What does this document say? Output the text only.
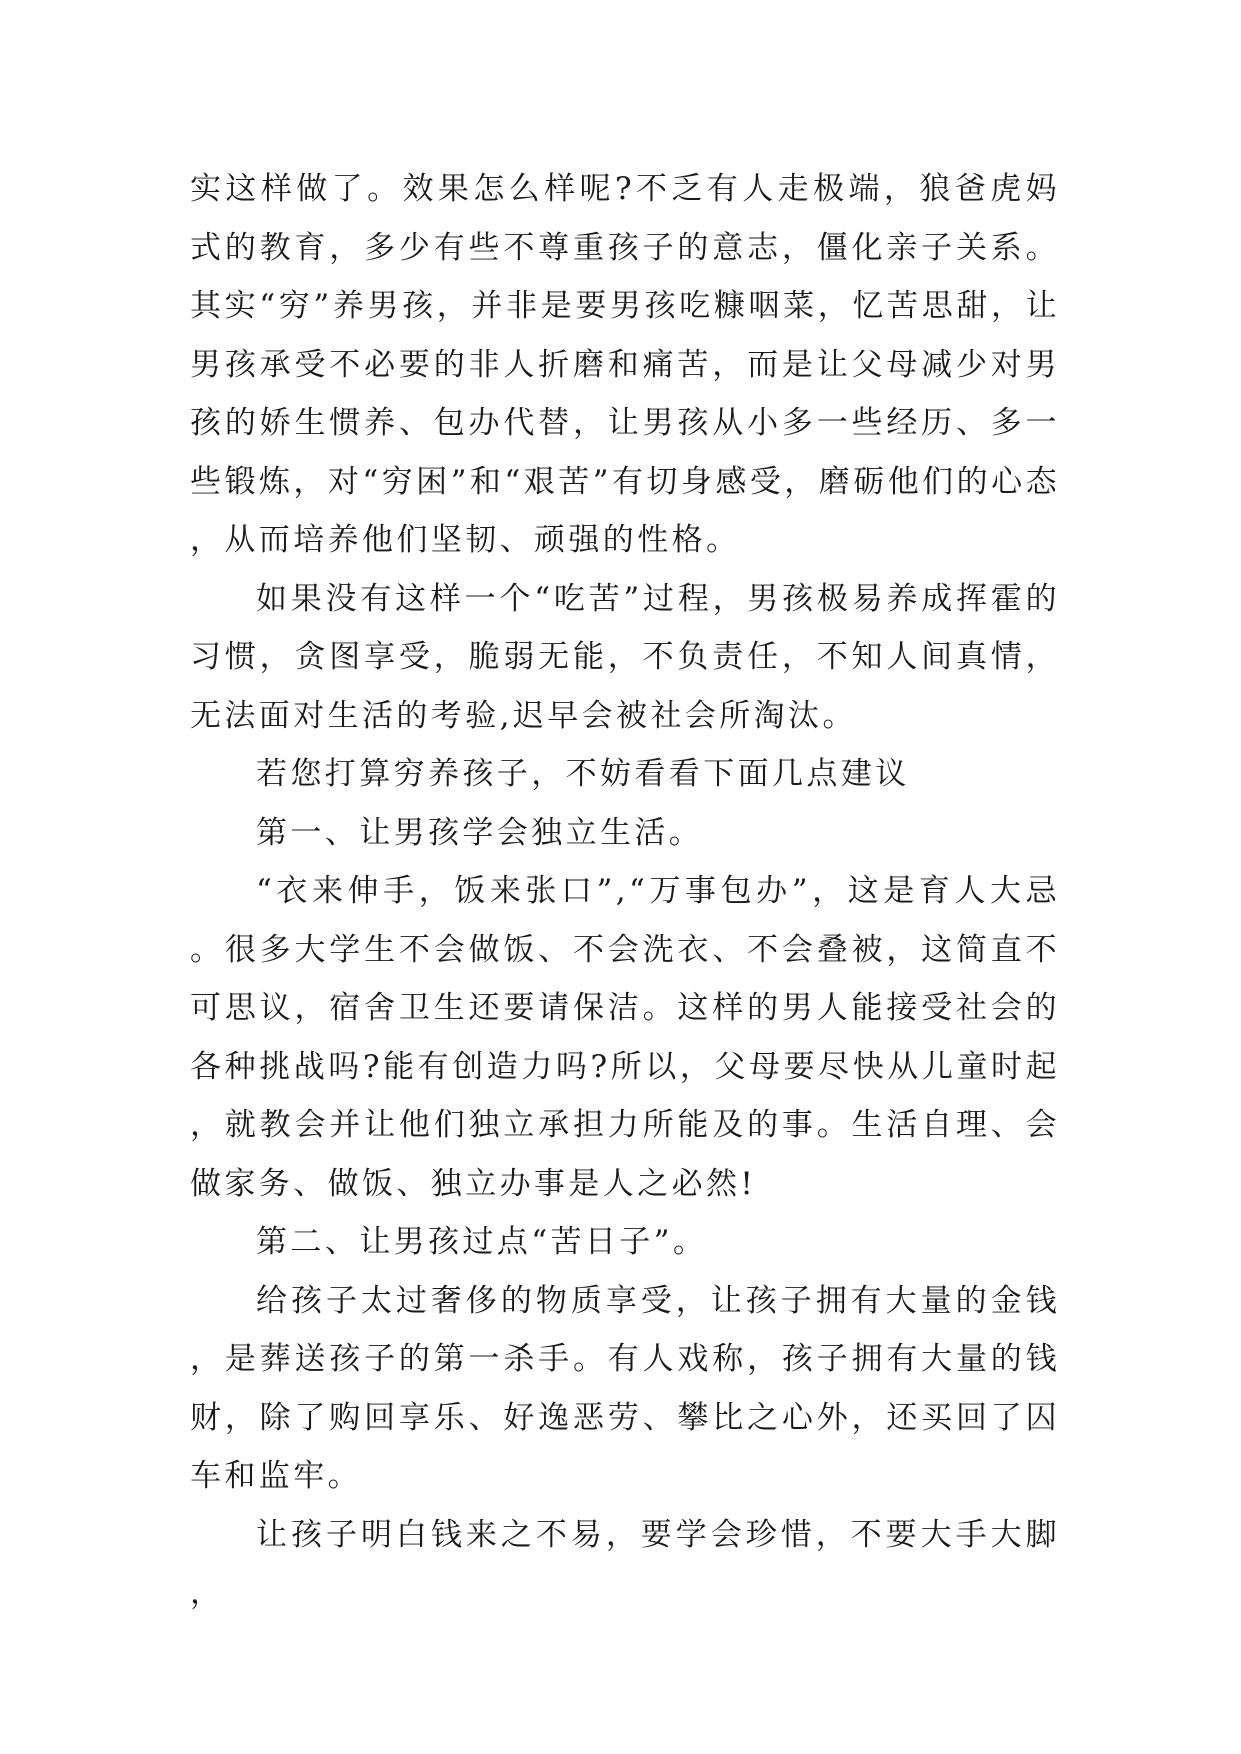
实这样做了。效果怎么样呢?不乏有人走极端，狼爸虎妈式的教育，多少有些不尊重孩子的意志，僵化亲子关系。其实“穷”养男孩，并非是要男孩吃糠咽菜，忆苦思甜，让男孩承受不必要的非人折磨和痛苦，而是让父母减少对男孩的娇生惯养、包办代替，让男孩从小多一些经历、多一些锻炼，对“穷困”和“艰苦”有切身感受，磨砺他们的心态，从而培养他们坚韧、顽强的性格。

如果没有这样一个“吃苦”过程，男孩极易养成挥霍的习惯，贪图享受，脆弱无能，不负责任，不知人间真情，无法面对生活的考验,迟早会被社会所淘汰。

若您打算穷养孩子，不妨看看下面几点建议

第一、让男孩学会独立生活。

“衣来伸手，饭来张口”,“万事包办”，这是育人大忌。很多大学生不会做饭、不会洗衣、不会叠被，这简直不可思议，宿舍卫生还要请保洁。这样的男人能接受社会的各种挑战吗?能有创造力吗?所以，父母要尽快从儿童时起，就教会并让他们独立承担力所能及的事。生活自理、会做家务、做饭、独立办事是人之必然!

第二、让男孩过点“苦日子”。

给孩子太过奢侈的物质享受，让孩子拥有大量的金钱，是葬送孩子的第一杀手。有人戏称，孩子拥有大量的钱财，除了购回享乐、好逸恶劳、攀比之心外，还买回了囚车和监牢。

让孩子明白钱来之不易，要学会珍惜，不要大手大脚，
